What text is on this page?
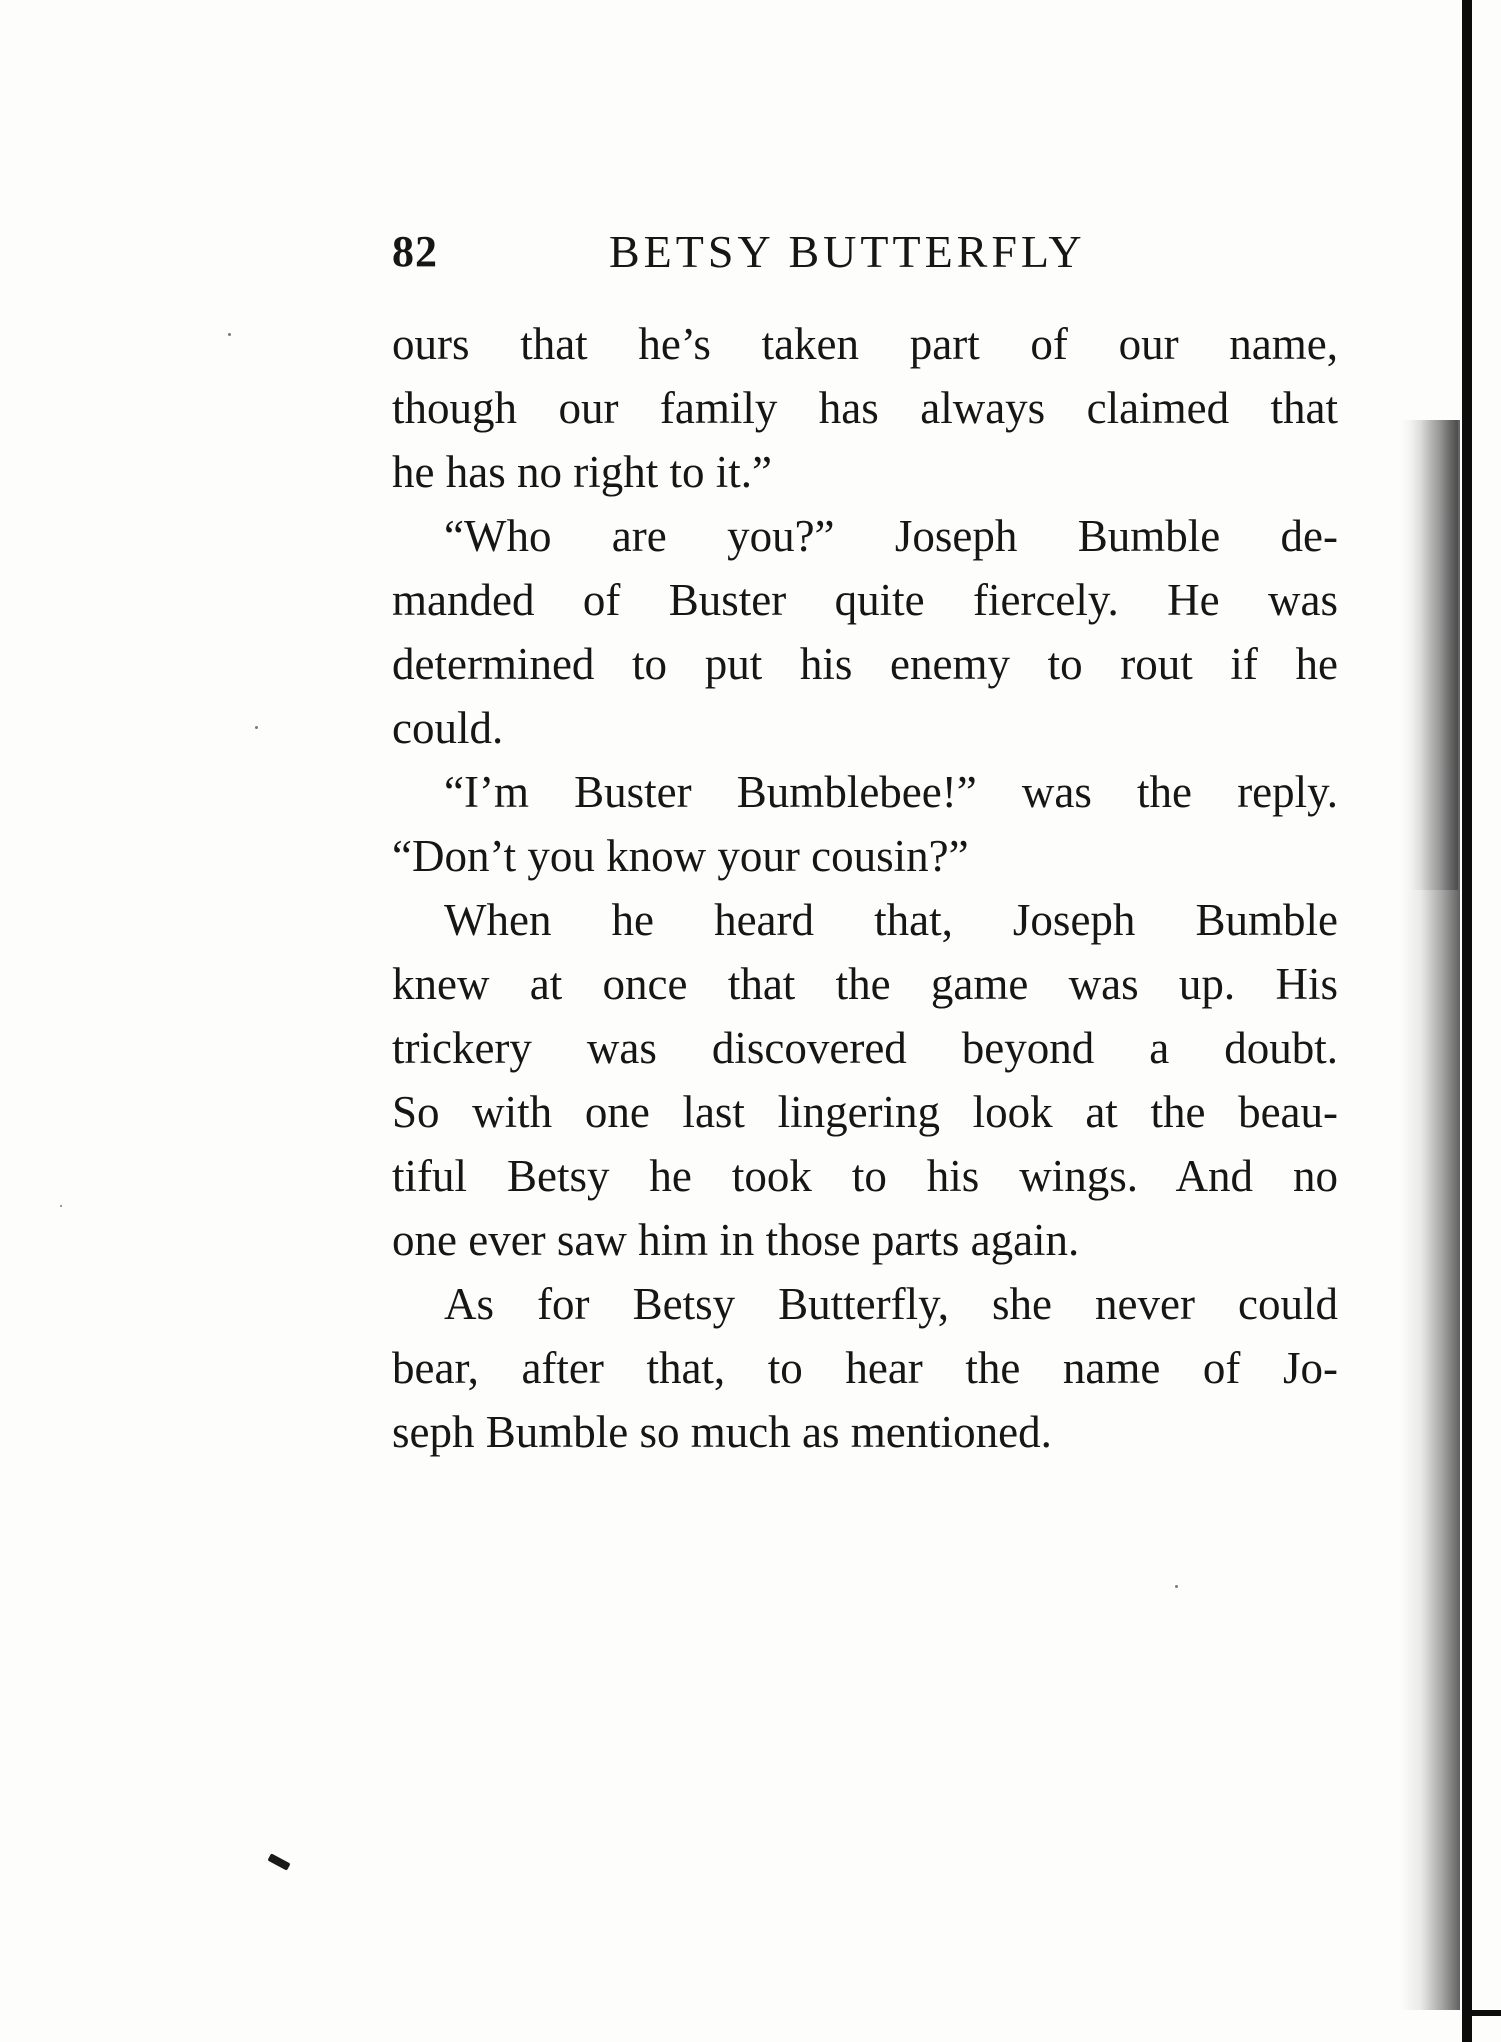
82	BETSY BUTTERFLY
ours that he’s taken part of our name,
though our family has always claimed that
he has no right to it.”
“Who are you?” Joseph Bumble de-
manded of Buster quite fiercely. He was
determined to put his enemy to rout if he
could.
“I’m Buster Bumblebee!” was the reply.
“Don’t you know your cousin?”
When he heard that, Joseph Bumble
knew at once that the game was up. His
trickery was discovered beyond a doubt.
So with one last lingering look at the beau-
tiful Betsy he took to his wings. And no
one ever saw him in those parts again.
As for Betsy Butterfly, she never could
bear, after that, to hear the name of Jo-
seph Bumble so much as mentioned.
